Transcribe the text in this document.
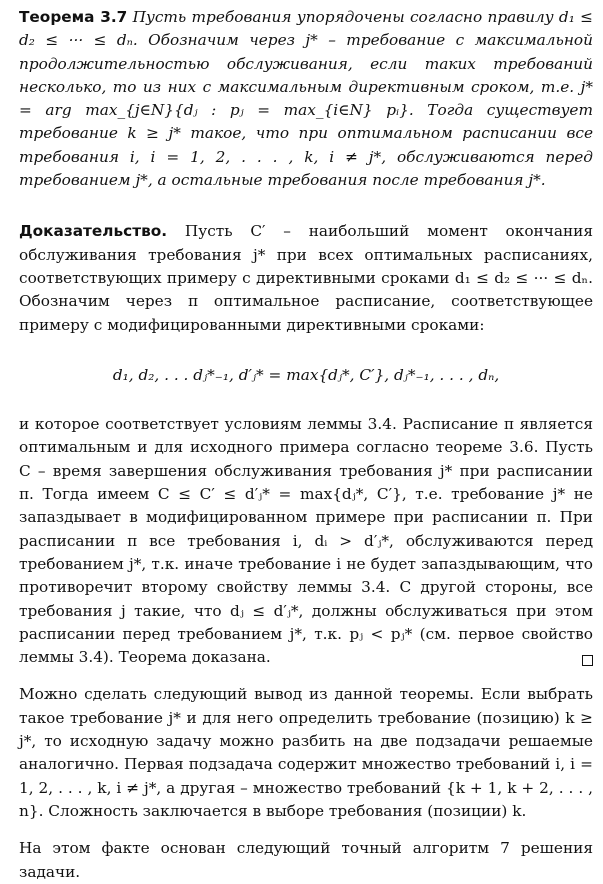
Теорема 3.7 Пусть требования упорядочены согласно правилу d₁ ≤ d₂ ≤ ··· ≤ dₙ. Обозначим через j* – требование с максимальной продолжительностью обслуживания, если таких требований несколько, то из них с максимальным директивным сроком, т.е. j* = arg max_{j∈N}{dⱼ : pⱼ = max_{i∈N} pᵢ}. Тогда существует требование k ≥ j* такое, что при оптимальном расписании все требования i, i = 1, 2, . . . , k, i ≠ j*, обслуживаются перед требованием j*, а остальные требования после требования j*.

Доказательство. Пусть C′ – наибольший момент окончания обслуживания требования j* при всех оптимальных расписаниях, соответствующих примеру с директивными сроками d₁ ≤ d₂ ≤ ··· ≤ dₙ. Обозначим через π оптимальное расписание, соответствующее примеру с модифицированными директивными сроками:

d₁, d₂, . . . dⱼ*₋₁, d′ⱼ* = max{dⱼ*, C′}, dⱼ*₋₁, . . . , dₙ,

и которое соответствует условиям леммы 3.4. Расписание π является оптимальным и для исходного примера согласно теореме 3.6. Пусть C – время завершения обслуживания требования j* при расписании π. Тогда имеем C ≤ C′ ≤ d′ⱼ* = max{dⱼ*, C′}, т.е. требование j* не запаздывает в модифицированном примере при расписании π. При расписании π все требования i, dᵢ > d′ⱼ*, обслуживаются перед требованием j*, т.к. иначе требование i не будет запаздывающим, что противоречит второму свойству леммы 3.4. С другой стороны, все требования j такие, что dⱼ ≤ d′ⱼ*, должны обслуживаться при этом расписании перед требованием j*, т.к. pⱼ < pⱼ* (см. первое свойство леммы 3.4). Теорема доказана.

Можно сделать следующий вывод из данной теоремы. Если выбрать такое требование j* и для него определить требование (позицию) k ≥ j*, то исходную задачу можно разбить на две подзадачи решаемые аналогично. Первая подзадача содержит множество требований i, i = 1, 2, . . . , k, i ≠ j*, а другая – множество требований {k + 1, k + 2, . . . , n}. Сложность заключается в выборе требования (позиции) k.

На этом факте основан следующий точный алгоритм 7 решения задачи.
